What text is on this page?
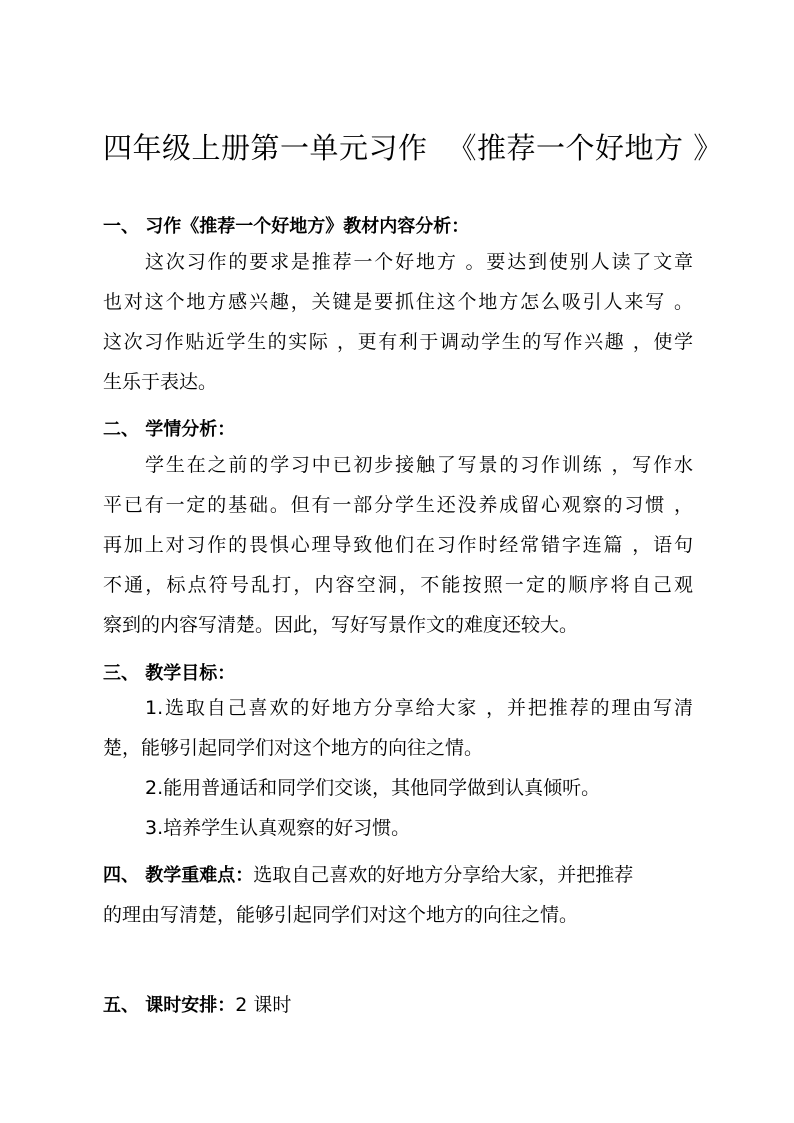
四年级上册第一单元习作 《推荐一个好地方 》
一、 习作《推荐一个好地方》教材内容分析：
这次习作的要求是推荐一个好地方 。要达到使别人读了文章
也对这个地方感兴趣，关键是要抓住这个地方怎么吸引人来写 。
这次习作贴近学生的实际 ，更有利于调动学生的写作兴趣 ，使学
生乐于表达。
二、 学情分析：
学生在之前的学习中已初步接触了写景的习作训练 ，写作水
平已有一定的基础。但有一部分学生还没养成留心观察的习惯 ，
再加上对习作的畏惧心理导致他们在习作时经常错字连篇 ，语句
不通，标点符号乱打，内容空洞，不能按照一定的顺序将自己观
察到的内容写清楚。因此，写好写景作文的难度还较大。
三、 教学目标：
1.选取自己喜欢的好地方分享给大家 ，并把推荐的理由写清
楚，能够引起同学们对这个地方的向往之情。
2.能用普通话和同学们交谈，其他同学做到认真倾听。
3.培养学生认真观察的好习惯。
四、 教学重难点：选取自己喜欢的好地方分享给大家，并把推荐
的理由写清楚，能够引起同学们对这个地方的向往之情。
五、 课时安排：2 课时
